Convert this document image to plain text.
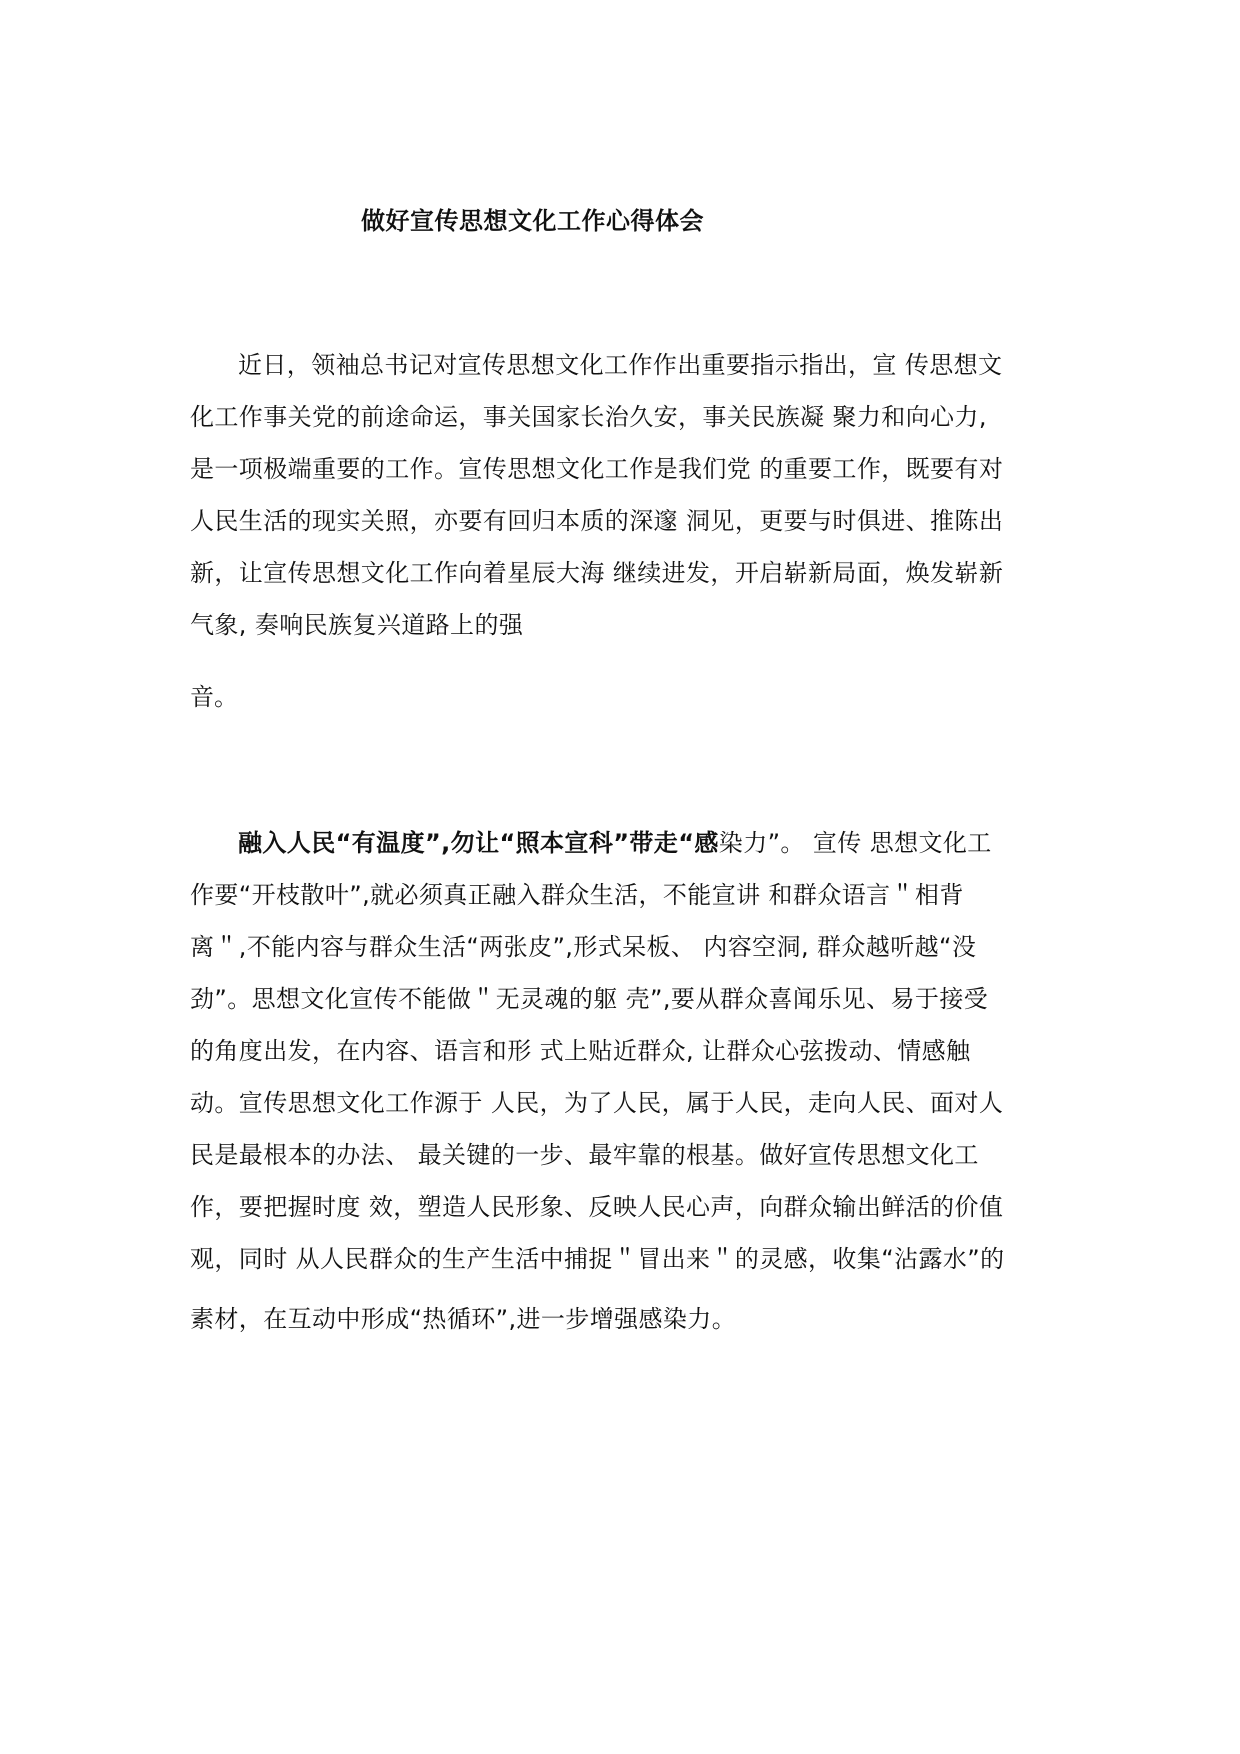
做好宣传思想文化工作心得体会
近日，领袖总书记对宣传思想文化工作作出重要指示指出，宣 传思想文
化工作事关党的前途命运，事关国家长治久安，事关民族凝 聚力和向心力,
是一项极端重要的工作。宣传思想文化工作是我们党 的重要工作，既要有对
人民生活的现实关照，亦要有回归本质的深邃 洞见，更要与时俱进、推陈出
新，让宣传思想文化工作向着星辰大海 继续进发，开启崭新局面，焕发崭新
气象, 奏响民族复兴道路上的强
音。
融入人民“有温度”,勿让“照本宣科”带走“感染力”。 宣传 思想文化工
作要“开枝散叶”,就必须真正融入群众生活，不能宣讲 和群众语言＂相背
离＂,不能内容与群众生活“两张皮”,形式呆板、 内容空洞, 群众越听越“没
劲”。思想文化宣传不能做＂无灵魂的躯 壳”,要从群众喜闻乐见、易于接受
的角度出发，在内容、语言和形 式上贴近群众, 让群众心弦拨动、情感触
动。宣传思想文化工作源于 人民，为了人民，属于人民，走向人民、面对人
民是最根本的办法、 最关键的一步、最牢靠的根基。做好宣传思想文化工
作，要把握时度 效，塑造人民形象、反映人民心声，向群众输出鲜活的价值
观，同时 从人民群众的生产生活中捕捉＂冒出来＂的灵感，收集“沾露水”的
素材，在互动中形成“热循环”,进一步增强感染力。
